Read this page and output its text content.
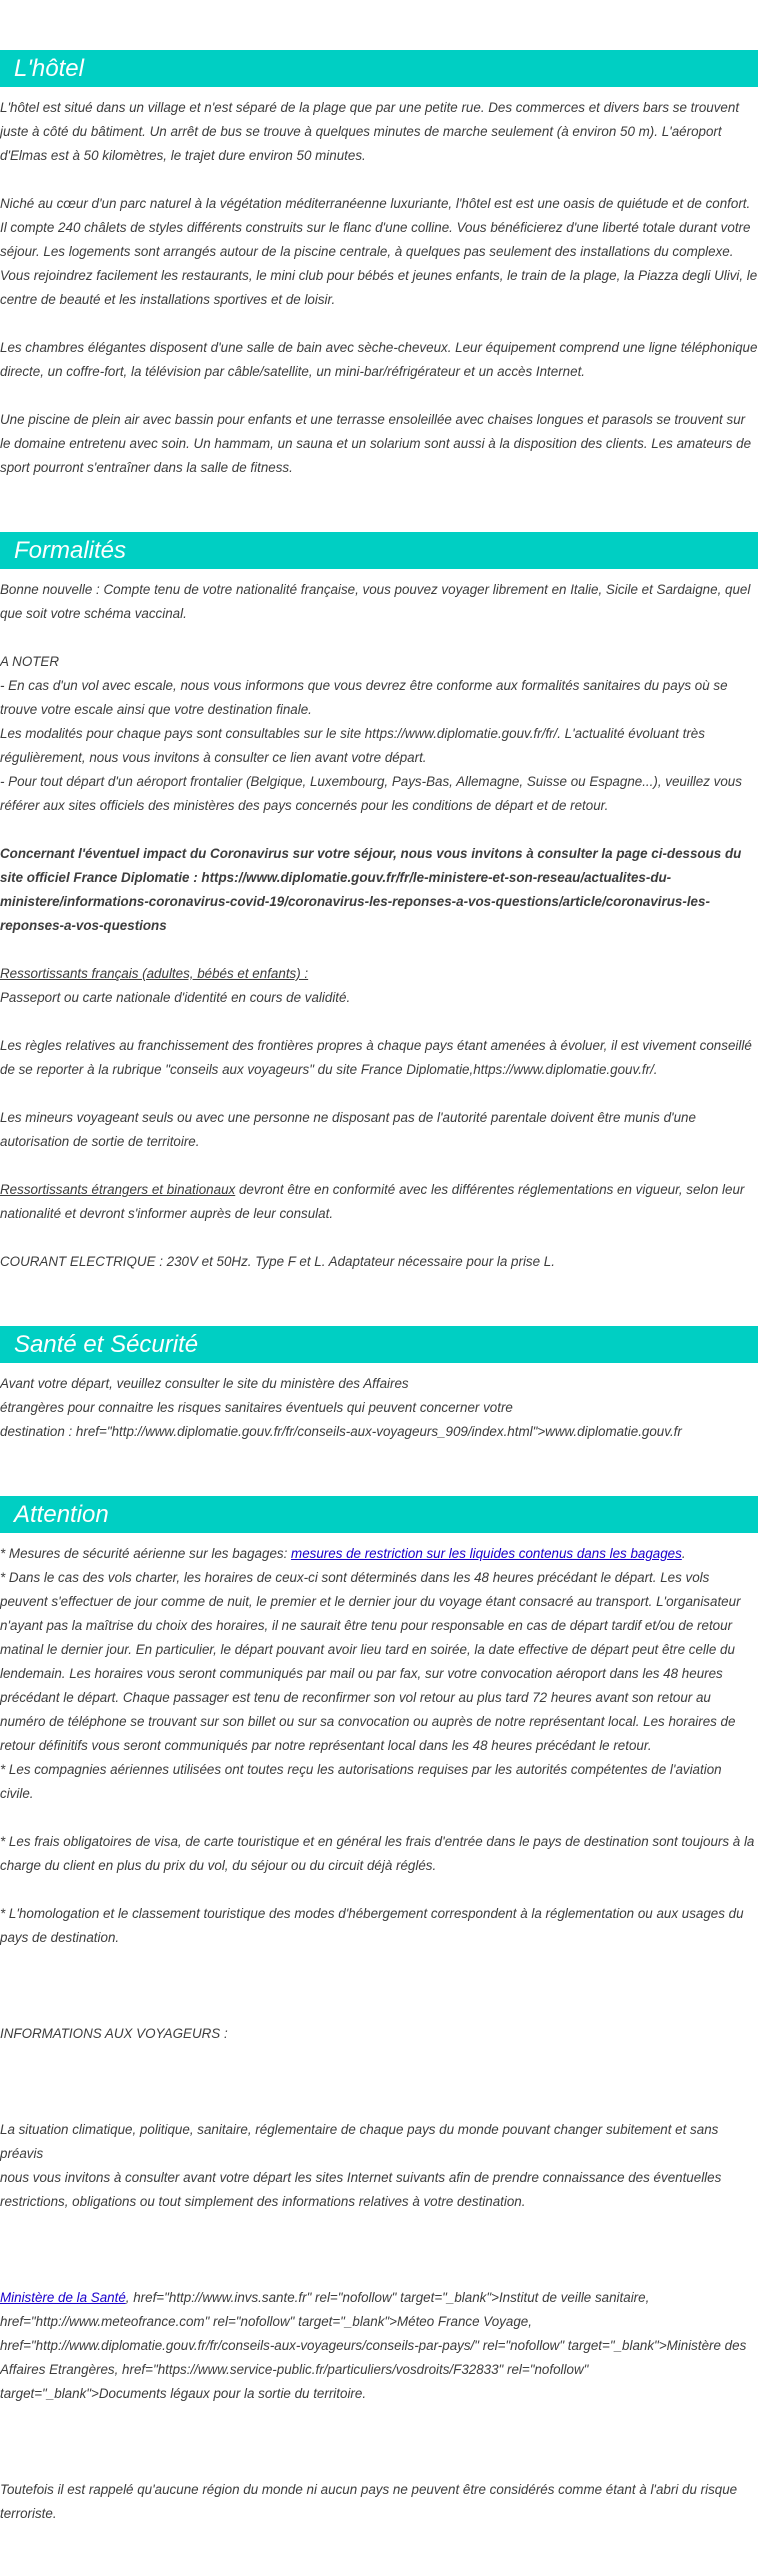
L'hôtel

L'hôtel est situé dans un village et n'est séparé de la plage que par une petite rue. Des commerces et divers bars se trouvent juste à côté du bâtiment. Un arrêt de bus se trouve à quelques minutes de marche seulement (à environ 50 m). L'aéroport d'Elmas est à 50 kilomètres, le trajet dure environ 50 minutes.

Niché au cœur d'un parc naturel à la végétation méditerranéenne luxuriante, l'hôtel est est une oasis de quiétude et de confort. Il compte 240 châlets de styles différents construits sur le flanc d'une colline. Vous bénéficierez d'une liberté totale durant votre séjour. Les logements sont arrangés autour de la piscine centrale, à quelques pas seulement des installations du complexe. Vous rejoindrez facilement les restaurants, le mini club pour bébés et jeunes enfants, le train de la plage, la Piazza degli Ulivi, le centre de beauté et les installations sportives et de loisir.

Les chambres élégantes disposent d'une salle de bain avec sèche-cheveux. Leur équipement comprend une ligne téléphonique directe, un coffre-fort, la télévision par câble/satellite, un mini-bar/réfrigérateur et un accès Internet.

Une piscine de plein air avec bassin pour enfants et une terrasse ensoleillée avec chaises longues et parasols se trouvent sur le domaine entretenu avec soin. Un hammam, un sauna et un solarium sont aussi à la disposition des clients. Les amateurs de sport pourront s'entraîner dans la salle de fitness.

Formalités

Bonne nouvelle : Compte tenu de votre nationalité française, vous pouvez voyager librement en Italie, Sicile et Sardaigne, quel que soit votre schéma vaccinal.

A NOTER

- En cas d'un vol avec escale, nous vous informons que vous devrez être conforme aux formalités sanitaires du pays où se trouve votre escale ainsi que votre destination finale.

Les modalités pour chaque pays sont consultables sur le site https://www.diplomatie.gouv.fr/fr/. L'actualité évoluant très régulièrement, nous vous invitons à consulter ce lien avant votre départ.

- Pour tout départ d'un aéroport frontalier (Belgique, Luxembourg, Pays-Bas, Allemagne, Suisse ou Espagne...), veuillez vous référer aux sites officiels des ministères des pays concernés pour les conditions de départ et de retour.

Concernant l'éventuel impact du Coronavirus sur votre séjour, nous vous invitons à consulter la page ci-dessous du site officiel France Diplomatie : https://www.diplomatie.gouv.fr/fr/le-ministere-et-son-reseau/actualites-du-ministere/informations-coronavirus-covid-19/coronavirus-les-reponses-a-vos-questions/article/coronavirus-les-reponses-a-vos-questions

Ressortissants français (adultes, bébés et enfants) :

Passeport ou carte nationale d'identité en cours de validité.

Les règles relatives au franchissement des frontières propres à chaque pays étant amenées à évoluer, il est vivement conseillé de se reporter à la rubrique "conseils aux voyageurs" du site France Diplomatie,https://www.diplomatie.gouv.fr/.

Les mineurs voyageant seuls ou avec une personne ne disposant pas de l'autorité parentale doivent être munis d'une autorisation de sortie de territoire.

Ressortissants étrangers et binationaux devront être en conformité avec les différentes réglementations en vigueur, selon leur nationalité et devront s'informer auprès de leur consulat.

COURANT ELECTRIQUE : 230V et 50Hz. Type F et L. Adaptateur nécessaire pour la prise L.

Santé et Sécurité

Avant votre départ, veuillez consulter le site du ministère des Affaires

étrangères pour connaitre les risques sanitaires éventuels qui peuvent concerner votre

destination : href="http://www.diplomatie.gouv.fr/fr/conseils-aux-voyageurs_909/index.html">www.diplomatie.gouv.fr

Attention

* Mesures de sécurité aérienne sur les bagages: mesures de restriction sur les liquides contenus dans les bagages.

* Dans le cas des vols charter, les horaires de ceux-ci sont déterminés dans les 48 heures précédant le départ. Les vols peuvent s'effectuer de jour comme de nuit, le premier et le dernier jour du voyage étant consacré au transport. L'organisateur n'ayant pas la maîtrise du choix des horaires, il ne saurait être tenu pour responsable en cas de départ tardif et/ou de retour matinal le dernier jour. En particulier, le départ pouvant avoir lieu tard en soirée, la date effective de départ peut être celle du lendemain. Les horaires vous seront communiqués par mail ou par fax, sur votre convocation aéroport dans les 48 heures précédant le départ. Chaque passager est tenu de reconfirmer son vol retour au plus tard 72 heures avant son retour au numéro de téléphone se trouvant sur son billet ou sur sa convocation ou auprès de notre représentant local. Les horaires de retour définitifs vous seront communiqués par notre représentant local dans les 48 heures précédant le retour.

* Les compagnies aériennes utilisées ont toutes reçu les autorisations requises par les autorités compétentes de l'aviation civile.

* Les frais obligatoires de visa, de carte touristique et en général les frais d'entrée dans le pays de destination sont toujours à la charge du client en plus du prix du vol, du séjour ou du circuit déjà réglés.

* L'homologation et le classement touristique des modes d'hébergement correspondent à la réglementation ou aux usages du pays de destination.

INFORMATIONS AUX VOYAGEURS :

La situation climatique, politique, sanitaire, réglementaire de chaque pays du monde pouvant changer subitement et sans préavis

nous vous invitons à consulter avant votre départ les sites Internet suivants afin de prendre connaissance des éventuelles restrictions, obligations ou tout simplement des informations relatives à votre destination.

Ministère de la Santé, href="http://www.invs.sante.fr" rel="nofollow" target="_blank">Institut de veille sanitaire, href="http://www.meteofrance.com" rel="nofollow" target="_blank">Méteo France Voyage, href="http://www.diplomatie.gouv.fr/fr/conseils-aux-voyageurs/conseils-par-pays/" rel="nofollow" target="_blank">Ministère des Affaires Etrangères, href="https://www.service-public.fr/particuliers/vosdroits/F32833" rel="nofollow" target="_blank">Documents légaux pour la sortie du territoire.

Toutefois il est rappelé qu'aucune région du monde ni aucun pays ne peuvent être considérés comme étant à l'abri du risque terroriste.
